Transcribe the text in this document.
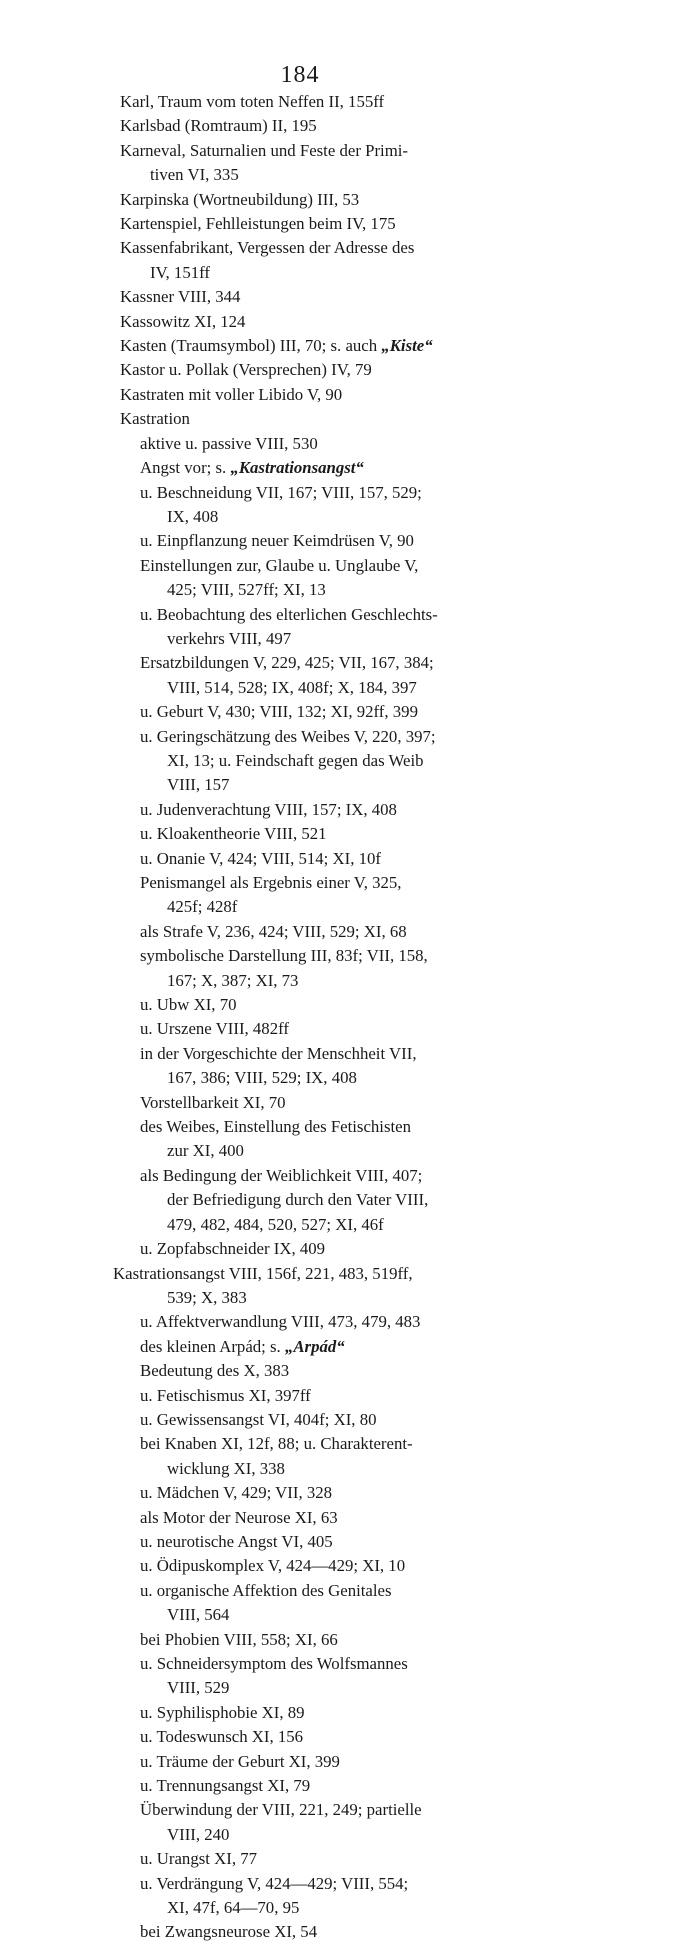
184
Karl, Traum vom toten Neffen II, 155ff
Karlsbad (Romtraum) II, 195
Karneval, Saturnalien und Feste der Primi-
tiven VI, 335
Karpinska (Wortneubildung) III, 53
Kartenspiel, Fehlleistungen beim IV, 175
Kassenfabrikant, Vergessen der Adresse des
IV, 151ff
Kassner VIII, 344
Kassowitz XI, 124
Kasten (Traumsymbol) III, 70; s. auch „Kiste“
Kastor u. Pollak (Versprechen) IV, 79
Kastraten mit voller Libido V, 90
Kastration
aktive u. passive VIII, 530
Angst vor; s. „Kastrationsangst“
u. Beschneidung VII, 167; VIII, 157, 529;
IX, 408
u. Einpflanzung neuer Keimdrüsen V, 90
Einstellungen zur, Glaube u. Unglaube V,
425; VIII, 527ff; XI, 13
u. Beobachtung des elterlichen Geschlechts-
verkehrs VIII, 497
Ersatzbildungen V, 229, 425; VII, 167, 384;
VIII, 514, 528; IX, 408f; X, 184, 397
u. Geburt V, 430; VIII, 132; XI, 92ff, 399
u. Geringschätzung des Weibes V, 220, 397;
XI, 13; u. Feindschaft gegen das Weib
VIII, 157
u. Judenverachtung VIII, 157; IX, 408
u. Kloakentheorie VIII, 521
u. Onanie V, 424; VIII, 514; XI, 10f
Penismangel als Ergebnis einer V, 325,
425f; 428f
als Strafe V, 236, 424; VIII, 529; XI, 68
symbolische Darstellung III, 83f; VII, 158,
167; X, 387; XI, 73
u. Ubw XI, 70
u. Urszene VIII, 482ff
in der Vorgeschichte der Menschheit VII,
167, 386; VIII, 529; IX, 408
Vorstellbarkeit XI, 70
des Weibes, Einstellung des Fetischisten
zur XI, 400
als Bedingung der Weiblichkeit VIII, 407;
der Befriedigung durch den Vater VIII,
479, 482, 484, 520, 527; XI, 46f
u. Zopfabschneider IX, 409
Kastrationsangst VIII, 156f, 221, 483, 519ff,
539; X, 383
u. Affektverwandlung VIII, 473, 479, 483
des kleinen Arpád; s. „Arpád“
Bedeutung des X, 383
u. Fetischismus XI, 397ff
u. Gewissensangst VI, 404f; XI, 80
bei Knaben XI, 12f, 88; u. Charakterent-
wicklung XI, 338
u. Mädchen V, 429; VII, 328
als Motor der Neurose XI, 63
u. neurotische Angst VI, 405
u. Ödipuskomplex V, 424—429; XI, 10
u. organische Affektion des Genitales
VIII, 564
bei Phobien VIII, 558; XI, 66
u. Schneidersymptom des Wolfsmannes
VIII, 529
u. Syphilisphobie XI, 89
u. Todeswunsch XI, 156
u. Träume der Geburt XI, 399
u. Trennungsangst XI, 79
Überwindung der VIII, 221, 249; partielle
VIII, 240
u. Urangst XI, 77
u. Verdrängung V, 424—429; VIII, 554;
XI, 47f, 64—70, 95
bei Zwangsneurose XI, 54
